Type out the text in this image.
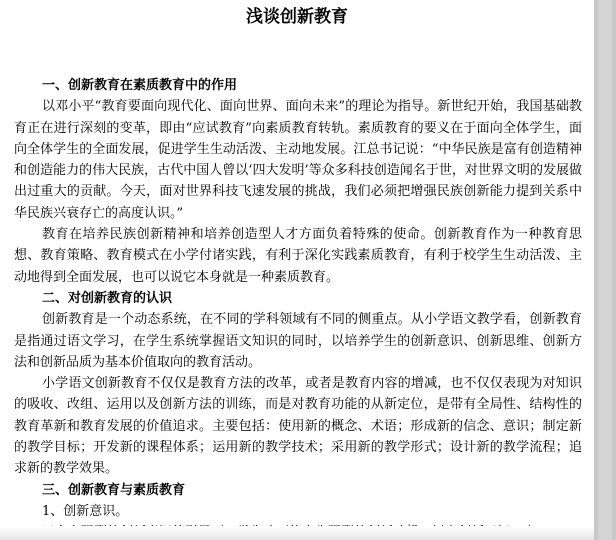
浅谈创新教育

一、创新教育在素质教育中的作用

以邓小平“教育要面向现代化、面向世界、面向未来”的理论为指导。新世纪开始，我国基础教育正在进行深刻的变革，即由“应试教育”向素质教育转轨。素质教育的要义在于面向全体学生，面向全体学生的全面发展，促进学生生动活泼、主动地发展。江总书记说：“中华民族是富有创造精神和创造能力的伟大民族，古代中国人曾以‘四大发明’等众多科技创造闻名于世，对世界文明的发展做出过重大的贡献。今天，面对世界科技飞速发展的挑战，我们必须把增强民族创新能力提到关系中华民族兴衰存亡的高度认识。”

教育在培养民族创新精神和培养创造型人才方面负着特殊的使命。创新教育作为一种教育思想、教育策略、教育模式在小学付诸实践，有利于深化实践素质教育，有利于校学生生动活泼、主动地得到全面发展，也可以说它本身就是一种素质教育。

二、对创新教育的认识

创新教育是一个动态系统，在不同的学科领域有不同的侧重点。从小学语文教学看，创新教育是指通过语文学习，在学生系统掌握语文知识的同时，以培养学生的创新意识、创新思维、创新方法和创新品质为基本价值取向的教育活动。

小学语文创新教育不仅仅是教育方法的改革，或者是教育内容的增减，也不仅仅表现为对知识的吸收、改组、运用以及创新方法的训练，而是对教育功能的从新定位，是带有全局性、结构性的教育革新和教育发展的价值追求。主要包括：使用新的概念、术语；形成新的信念、意识；制定新的教学目标；开发新的课程体系；运用新的教学技术；采用新的教学形式；设计新的教学流程；追求新的教学效果。

三、创新教育与素质教育

1、创新意识。
